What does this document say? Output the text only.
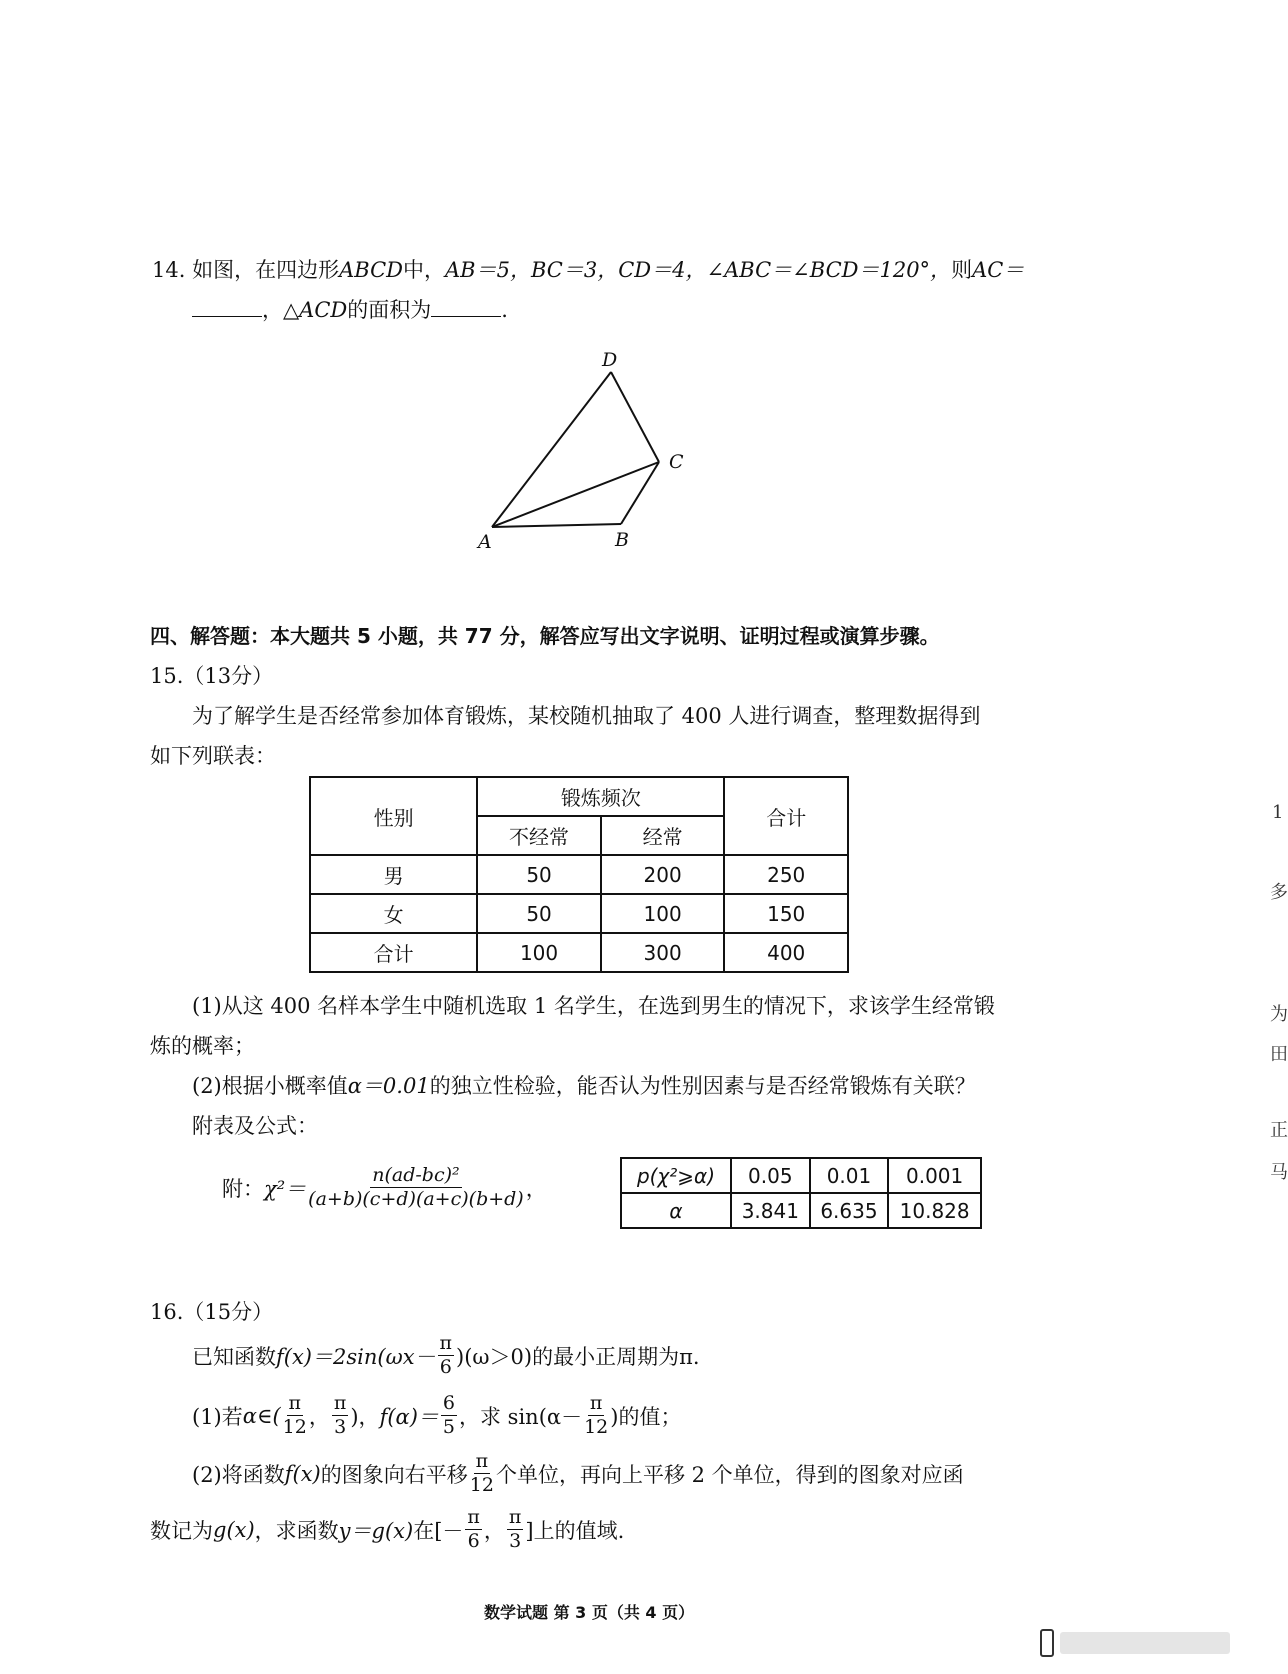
14. 如图，在四边形ABCD中，AB＝5，BC＝3，CD＝4，∠ABC＝∠BCD＝120°，则AC＝
，△ACD的面积为	.
D
C
A	B
四、解答题：本大题共 5 小题，共 77 分，解答应写出文字说明、证明过程或演算步骤。
15.（13分）
为了解学生是否经常参加体育锻炼，某校随机抽取了 400 人进行调查，整理数据得到
如下列联表：
性别	锻炼频次		合计
	不经常	经常	
男	50	200	250
女	50	100	150
合计	100	300	400
(1)从这 400 名样本学生中随机选取 1 名学生，在选到男生的情况下，求该学生经常锻
炼的概率；
(2)根据小概率值α＝0.01的独立性检验，能否认为性别因素与是否经常锻炼有关联？
附表及公式：
附： $\chi^2= \frac{\text{n(ad-bc)²}}{(a+b)(c+d)(a+c)(b+d)}$ ，
p(χ²⩾α)	0.05	0.01	0.001
α	3.841	6.635	10.828
16.（15分）
已知函数 $f(x)=2\sin(\omega x- \frac{\pi}{6} )(\omega>0)$的最小正周期为π.
(1)若 α∈( $\frac{\pi}{12}$ ， $\frac{\pi}{3}$ )， $f(\alpha)= \frac{6}{5}$ ，求 $\sin(\alpha- \frac{\pi}{12}$ )的值；
(2)将函数 f(x) 的图象向右平移 $\frac{\pi}{12}$ 个单位，再向上平移 2 个单位，得到的图象对应函
数记为 g(x) ，求函数 y＝g(x) 在[－ $\frac{\pi}{6}$ ， $\frac{\pi}{3}$ ]上的值域.
数学试题 第 3 页（共 4 页）
1
多
为
田
正
马
